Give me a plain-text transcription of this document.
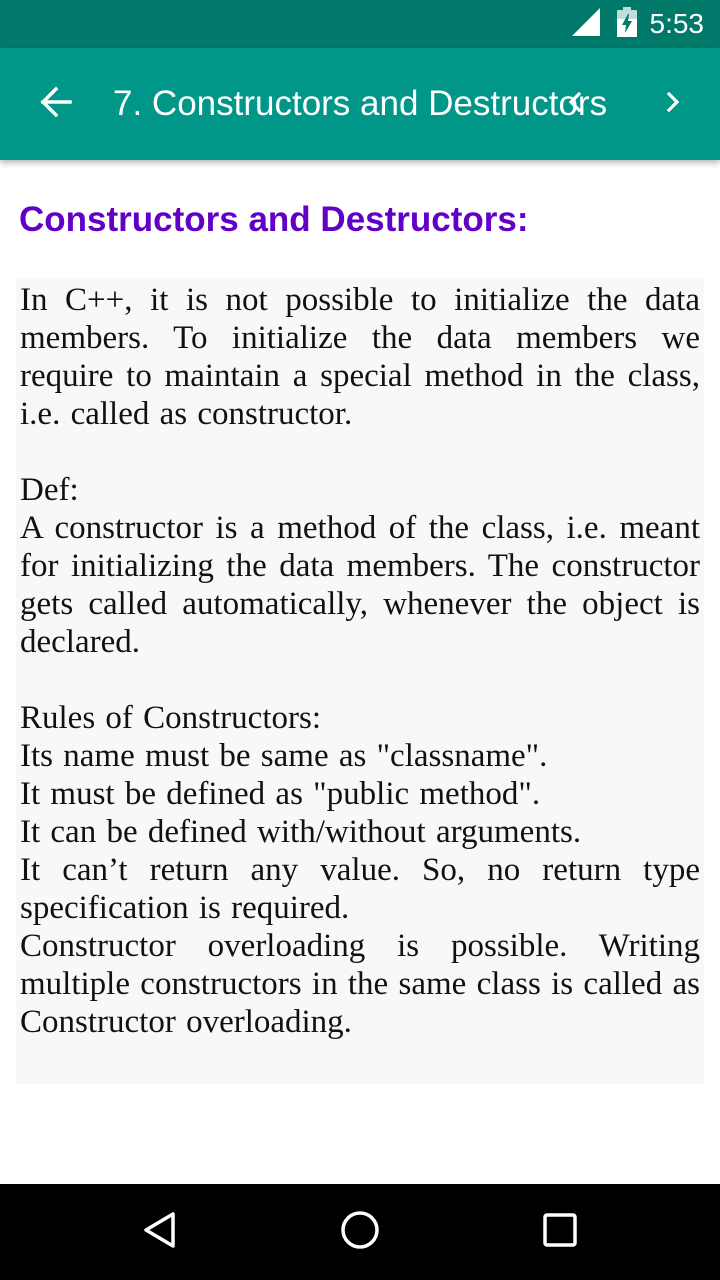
5:53
7. Constructors and Destructors
Constructors and Destructors:

In C++, it is not possible to initialize the data members. To initialize the data members we require to maintain a special method in the class, i.e. called as constructor.

Def:

A constructor is a method of the class, i.e. meant for initializing the data members. The constructor gets called automatically, whenever the object is declared.

Rules of Constructors:

Its name must be same as "classname".

It must be defined as "public method".

It can be defined with/without arguments.

It can’t return any value. So, no return type specification is required.

Constructor overloading is possible. Writing multiple constructors in the same class is called as Constructor overloading.
